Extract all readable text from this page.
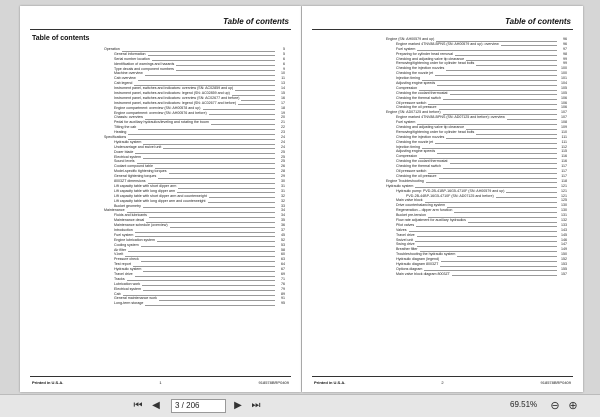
Table of contents
Table of contents
Operation	5
General information	5
Serial number location	6
Identification of warnings and hazards	6
Type decals and component numbers	9
Machine overview	10
Cab overview	11
Cab legend	13
Instrument panel, switches and indicators: overview (SN: AC02859 and up)	14
Instrument panel, switches and indicators: legend (SN: AC02859 and up)	15
Instrument panel, switches and indicators: overview (SN: AC02677 and before)	16
Instrument panel, switches and indicators: legend (SN: AC02677 and before)	17
Engine compartment: overview (SN: AH00578 and up)	18
Engine compartment: overview (SN: AH00576 and before)	19
Chassis: overview	20
Pedal for auxiliary hydraulics/leveling and rotating the boom	21
Tilting the cab	22
Heating	23
Specifications	24
Hydraulic system	24
Undercarriage and swivel unit	24
Dozer blade	25
Electrical system	25
Sound levels	25
Coolant compound table	26
Model-specific tightening torques	28
General tightening torques	29
8003ZT dimensions	30
Lift capacity table with short dipper arm	31
Lift capacity table with long dipper arm	31
Lift capacity table with short dipper arm and counterweight	32
Lift capacity table with long dipper arm and counterweight	32
Bucket geometry	33
Maintenance	34
Fluids and lubricants	34
Maintenance decal	35
Maintenance schedule (overview)	36
Introduction	37
Fuel system	45
Engine lubrication system	52
Cooling system	53
Air filter	58
V-belt	60
Pressure check	63
Test report	64
Hydraulic system	67
Travel drive	69
Tracks	71
Lubrication work	76
Electrical system	79
Cab	89
General maintenance work	91
Long-term storage	95
Printed in U.S.A.	1	918578BRP0409
Table of contents
Engine (SN: AH00579 and up)	96
Engine marked 4TNV88-BPNS (SN: AH00579 and up): overview	96
Fuel system	97
Preparing for cylinder head removal	98
Checking and adjusting valve tip clearance	99
Removing/tightening order for cylinder head bolts	99
Checking the injection nozzles	100
Checking the nozzle jet	100
Injection timing	101
Adjusting engine speeds	104
Compression	105
Checking the coolant thermostat	105
Checking the thermal switch	106
Oil pressure switch	106
Checking the oil pressure	106
Engine (SN: AD07125 and before)	107
Engine marked 4TNV88-BPNS (SN: AD07125 and before): overview	107
Fuel system	108
Checking and adjusting valve tip clearance	109
Removing/tightening order for cylinder head bolts	110
Checking the injection nozzles	111
Checking the nozzle jet	111
Injection timing	112
Adjusting engine speeds	115
Compression	116
Checking the coolant thermostat	116
Checking the thermal switch	117
Oil pressure switch	117
Checking the oil pressure	117
Engine Troubleshooting	118
Hydraulic system	121
Hydraulic pump: PVD-2B-41BP-16G5-4710F (SN: AH00579 and up)	121
PVD-2B-44BP-16G5-4710F (SN: AD07125 and before)	121
Main valve block	125
Drive counterbalancing system	130
Regeneration – dipper arm function	130
Bucket pre-tension	131
Flow rate adjustment for auxiliary hydraulics	132
Pilot valves	133
Valves	143
Travel drive	145
Swivel unit	146
Swing drive	147
Breather filter	149
Troubleshooting the hydraulic system	150
Hydraulic diagram (legend)	152
Hydraulic diagram 8003ZT	153
Options diagram	155
Main valve block diagram 8003ZT	157
Printed in U.S.A.	2	918578BRP0409
⏮ ◀	3 / 206	▶ ⏭	69.51% ⊖ ⊕
